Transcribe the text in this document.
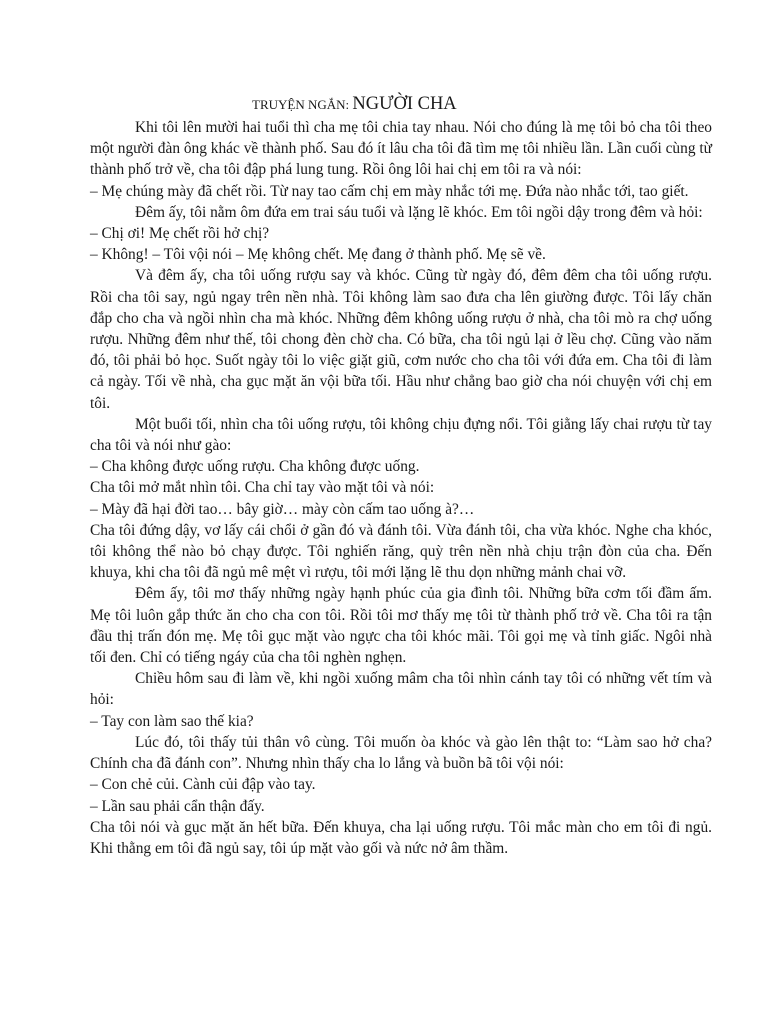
TRUYỆN NGẮN: NGƯỜI CHA

Khi tôi lên mười hai tuổi thì cha mẹ tôi chia tay nhau. Nói cho đúng là mẹ tôi bỏ cha tôi theo một người đàn ông khác về thành phố. Sau đó ít lâu cha tôi đã tìm mẹ tôi nhiều lần. Lần cuối cùng từ thành phố trở về, cha tôi đập phá lung tung. Rồi ông lôi hai chị em tôi ra và nói:

– Mẹ chúng mày đã chết rồi. Từ nay tao cấm chị em mày nhắc tới mẹ. Đứa nào nhắc tới, tao giết.

Đêm ấy, tôi nằm ôm đứa em trai sáu tuổi và lặng lẽ khóc. Em tôi ngồi dậy trong đêm và hỏi:

– Chị ơi! Mẹ chết rồi hở chị?

– Không! – Tôi vội nói – Mẹ không chết. Mẹ đang ở thành phố. Mẹ sẽ về.

Và đêm ấy, cha tôi uống rượu say và khóc. Cũng từ ngày đó, đêm đêm cha tôi uống rượu. Rồi cha tôi say, ngủ ngay trên nền nhà. Tôi không làm sao đưa cha lên giường được. Tôi lấy chăn đắp cho cha và ngồi nhìn cha mà khóc. Những đêm không uống rượu ở nhà, cha tôi mò ra chợ uống rượu. Những đêm như thế, tôi chong đèn chờ cha. Có bữa, cha tôi ngủ lại ở lều chợ. Cũng vào năm đó, tôi phải bỏ học. Suốt ngày tôi lo việc giặt giũ, cơm nước cho cha tôi với đứa em. Cha tôi đi làm cả ngày. Tối về nhà, cha gục mặt ăn vội bữa tối. Hầu như chẳng bao giờ cha nói chuyện với chị em tôi.

Một buổi tối, nhìn cha tôi uống rượu, tôi không chịu đựng nổi. Tôi giằng lấy chai rượu từ tay cha tôi và nói như gào:

– Cha không được uống rượu. Cha không được uống.

Cha tôi mở mắt nhìn tôi. Cha chỉ tay vào mặt tôi và nói:

– Mày đã hại đời tao… bây giờ… mày còn cấm tao uống à?…

Cha tôi đứng dậy, vơ lấy cái chổi ở gần đó và đánh tôi. Vừa đánh tôi, cha vừa khóc. Nghe cha khóc, tôi không thể nào bỏ chạy được. Tôi nghiến răng, quỳ trên nền nhà chịu trận đòn của cha. Đến khuya, khi cha tôi đã ngủ mê mệt vì rượu, tôi mới lặng lẽ thu dọn những mảnh chai vỡ.

Đêm ấy, tôi mơ thấy những ngày hạnh phúc của gia đình tôi. Những bữa cơm tối đầm ấm. Mẹ tôi luôn gắp thức ăn cho cha con tôi. Rồi tôi mơ thấy mẹ tôi từ thành phố trở về. Cha tôi ra tận đầu thị trấn đón mẹ. Mẹ tôi gục mặt vào ngực cha tôi khóc mãi. Tôi gọi mẹ và tỉnh giấc. Ngôi nhà tối đen. Chỉ có tiếng ngáy của cha tôi nghèn nghẹn.

Chiều hôm sau đi làm về, khi ngồi xuống mâm cha tôi nhìn cánh tay tôi có những vết tím và hỏi:

– Tay con làm sao thế kia?

Lúc đó, tôi thấy tủi thân vô cùng. Tôi muốn òa khóc và gào lên thật to: “Làm sao hở cha? Chính cha đã đánh con”. Nhưng nhìn thấy cha lo lắng và buồn bã tôi vội nói:

– Con chẻ củi. Cành củi đập vào tay.

– Lần sau phải cẩn thận đấy.

Cha tôi nói và gục mặt ăn hết bữa. Đến khuya, cha lại uống rượu. Tôi mắc màn cho em tôi đi ngủ. Khi thằng em tôi đã ngủ say, tôi úp mặt vào gối và nức nở âm thầm.
